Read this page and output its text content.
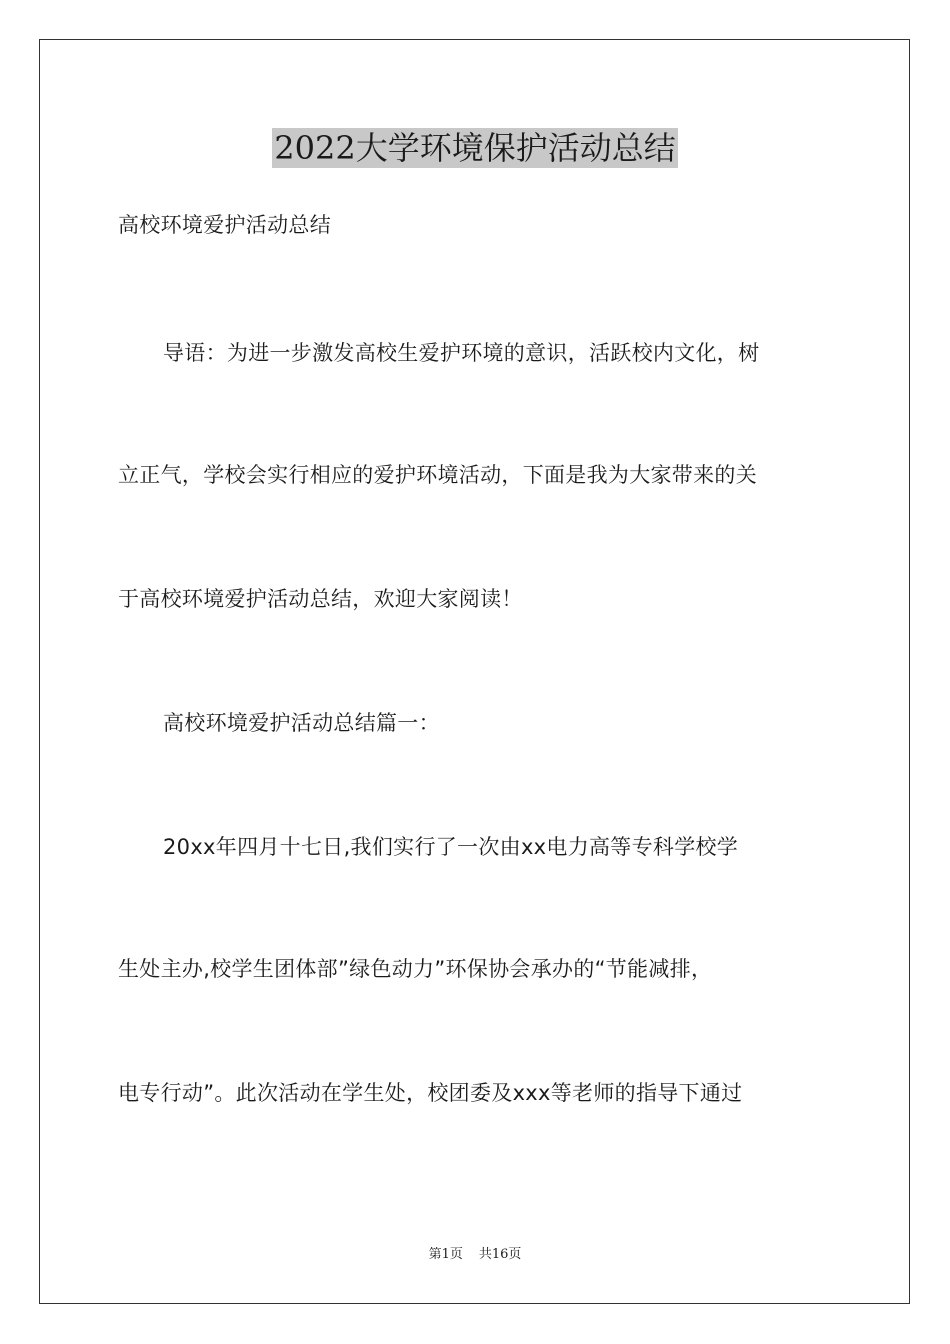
2022大学环境保护活动总结
高校环境爱护活动总结
导语：为进一步激发高校生爱护环境的意识，活跃校内文化，树
立正气，学校会实行相应的爱护环境活动，下面是我为大家带来的关
于高校环境爱护活动总结，欢迎大家阅读！
高校环境爱护活动总结篇一：
20xx年四月十七日,我们实行了一次由xx电力高等专科学校学
生处主办,校学生团体部”绿色动力”环保协会承办的“节能减排，
电专行动”。此次活动在学生处，校团委及xxx等老师的指导下通过
第1页 共16页
